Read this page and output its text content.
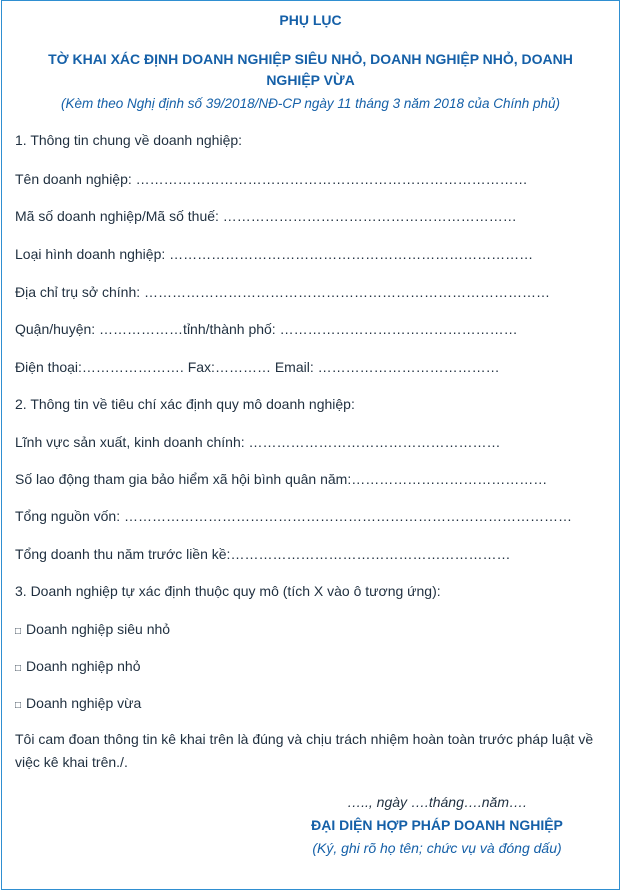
PHỤ LỤC
TỜ KHAI XÁC ĐỊNH DOANH NGHIỆP SIÊU NHỎ, DOANH NGHIỆP NHỎ, DOANH NGHIỆP VỪA
(Kèm theo Nghị định số 39/2018/NĐ-CP ngày 11 tháng 3 năm 2018 của Chính phủ)
1. Thông tin chung về doanh nghiệp:
Tên doanh nghiệp: …………………………………………………………………………
Mã số doanh nghiệp/Mã số thuế: ………………………………………………………
Loại hình doanh nghiệp: ……………………………………………………………………
Địa chỉ trụ sở chính: ……………………………………………………………………………
Quận/huyện: ………………tỉnh/thành phố: ……………………………………………
Điện thoại:…………………. Fax:………… Email: …………………………………
2. Thông tin về tiêu chí xác định quy mô doanh nghiệp:
Lĩnh vực sản xuất, kinh doanh chính: ………………………………………………
Số lao động tham gia bảo hiểm xã hội bình quân năm:……………………………………
Tổng nguồn vốn: ……………………………………………………………………………………
Tổng doanh thu năm trước liền kề:……………………………………………………
3. Doanh nghiệp tự xác định thuộc quy mô (tích X vào ô tương ứng):
□ Doanh nghiệp siêu nhỏ
□ Doanh nghiệp nhỏ
□ Doanh nghiệp vừa
Tôi cam đoan thông tin kê khai trên là đúng và chịu trách nhiệm hoàn toàn trước pháp luật về việc kê khai trên./.
….., ngày ….tháng….năm….
ĐẠI DIỆN HỢP PHÁP DOANH NGHIỆP
(Ký, ghi rõ họ tên; chức vụ và đóng dấu)
